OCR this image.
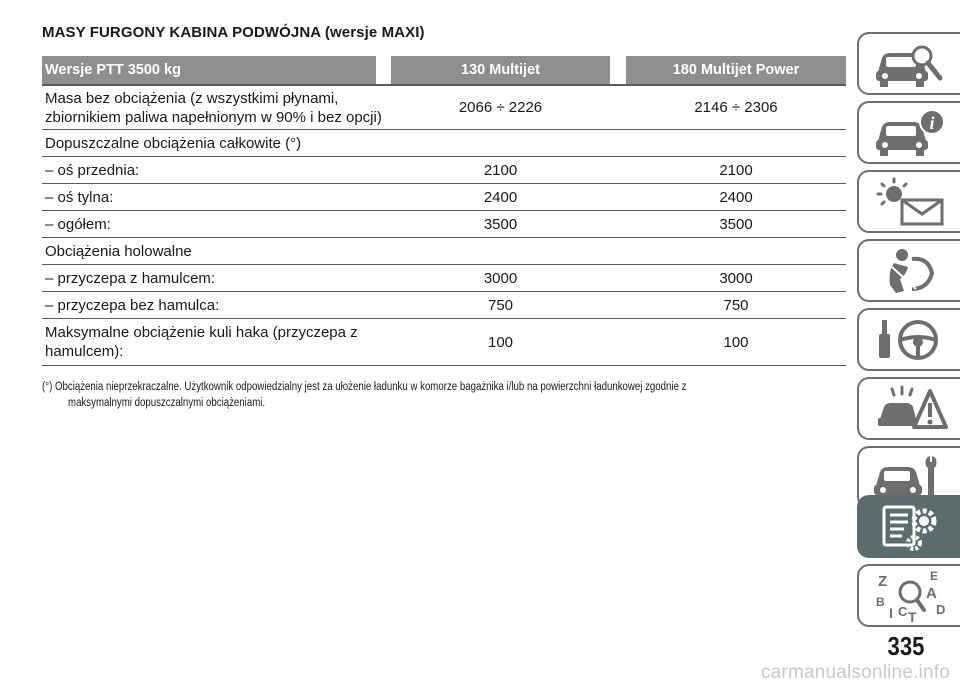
MASY FURGONY KABINA PODWÓJNA (wersje MAXI)
Wersje PTT 3500 kg	130 Multijet	180 Multijet Power
Masa bez obciążenia (z wszystkimi płynami,
zbiornikiem paliwa napełnionym w 90% i bez opcji)
2066 ÷ 2226	2146 ÷ 2306
Dopuszczalne obciążenia całkowite (°)
– oś przednia:	2100	2100
– oś tylna:	2400	2400
– ogółem:	3500	3500
Obciążenia holowalne
– przyczepa z hamulcem:	3000	3000
– przyczepa bez hamulca:	750	750
Maksymalne obciążenie kuli haka (przyczepa z
hamulcem):
100	100
(°) Obciążenia nieprzekraczalne. Użytkownik odpowiedzialny jest za ułożenie ładunku w komorze bagażnika i/lub na powierzchni ładunkowej zgodnie z
maksymalnymi dopuszczalnymi obciążeniami.
i
Z	E
A
B
C D
I T
335
carmanualsonline.info
